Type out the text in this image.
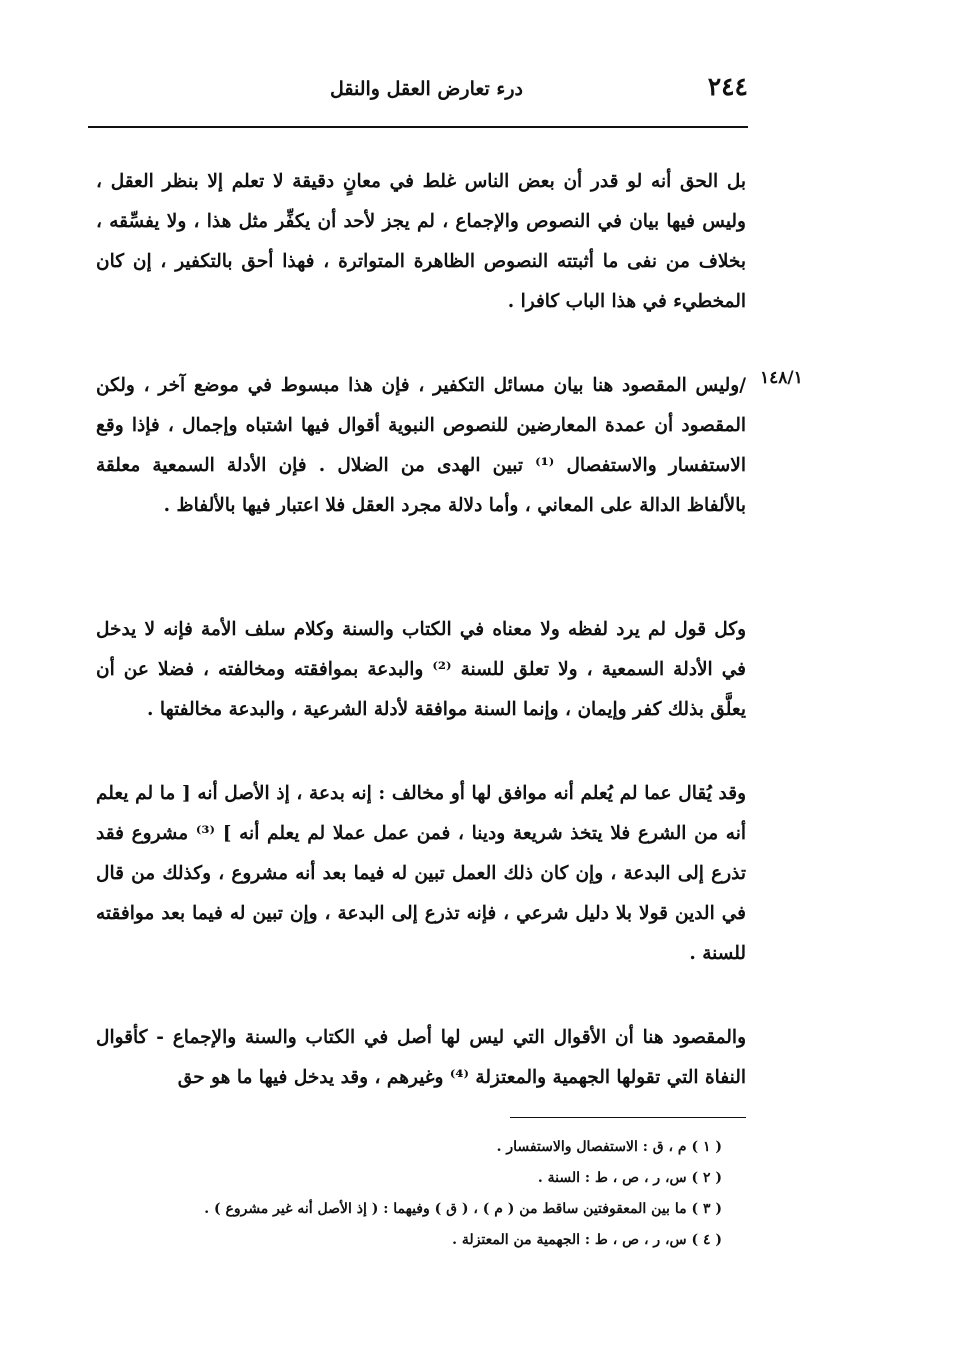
٢٤٤
درء تعارض العقل والنقل

بل الحق أنه لو قدر أن بعض الناس غلط في معانٍ دقيقة لا تعلم إلا بنظر العقل ، وليس فيها بيان في النصوص والإجماع ، لم يجز لأحد أن يكفِّر مثل هذا ، ولا يفسِّقه ، بخلاف من نفى ما أثبتته النصوص الظاهرة المتواترة ، فهذا أحق بالتكفير ، إن كان المخطيء في هذا الباب كافرا .

١٤٨/١

/وليس المقصود هنا بيان مسائل التكفير ، فإن هذا مبسوط في موضع آخر ، ولكن المقصود أن عمدة المعارضين للنصوص النبوية أقوال فيها اشتباه وإجمال ، فإذا وقع الاستفسار والاستفصال ⁽¹⁾ تبين الهدى من الضلال . فإن الأدلة السمعية معلقة بالألفاظ الدالة على المعاني ، وأما دلالة مجرد العقل فلا اعتبار فيها بالألفاظ .

وكل قول لم يرد لفظه ولا معناه في الكتاب والسنة وكلام سلف الأمة فإنه لا يدخل في الأدلة السمعية ، ولا تعلق للسنة ⁽²⁾ والبدعة بموافقته ومخالفته ، فضلا عن أن يعلَّق بذلك كفر وإيمان ، وإنما السنة موافقة لأدلة الشرعية ، والبدعة مخالفتها .

وقد يُقال عما لم يُعلم أنه موافق لها أو مخالف : إنه بدعة ، إذ الأصل أنه [ ما لم يعلم أنه من الشرع فلا يتخذ شريعة ودينا ، فمن عمل عملا لم يعلم أنه ] ⁽³⁾ مشروع فقد تذرع إلى البدعة ، وإن كان ذلك العمل تبين له فيما بعد أنه مشروع ، وكذلك من قال في الدين قولا بلا دليل شرعي ، فإنه تذرع إلى البدعة ، وإن تبين له فيما بعد موافقته للسنة .

والمقصود هنا أن الأقوال التي ليس لها أصل في الكتاب والسنة والإجماع - كأقوال النفاة التي تقولها الجهمية والمعتزلة ⁽⁴⁾ وغيرهم ، وقد يدخل فيها ما هو حق

( ١ ) م ، ق : الاستفصال والاستفسار .
( ٢ ) س، ر ، ص ، ط : السنة .
( ٣ ) ما بين المعقوفتين ساقط من ( م ) ، ( ق ) وفيهما : ( إذ الأصل أنه غير مشروع ) .
( ٤ ) س، ر ، ص ، ط : الجهمية من المعتزلة .
